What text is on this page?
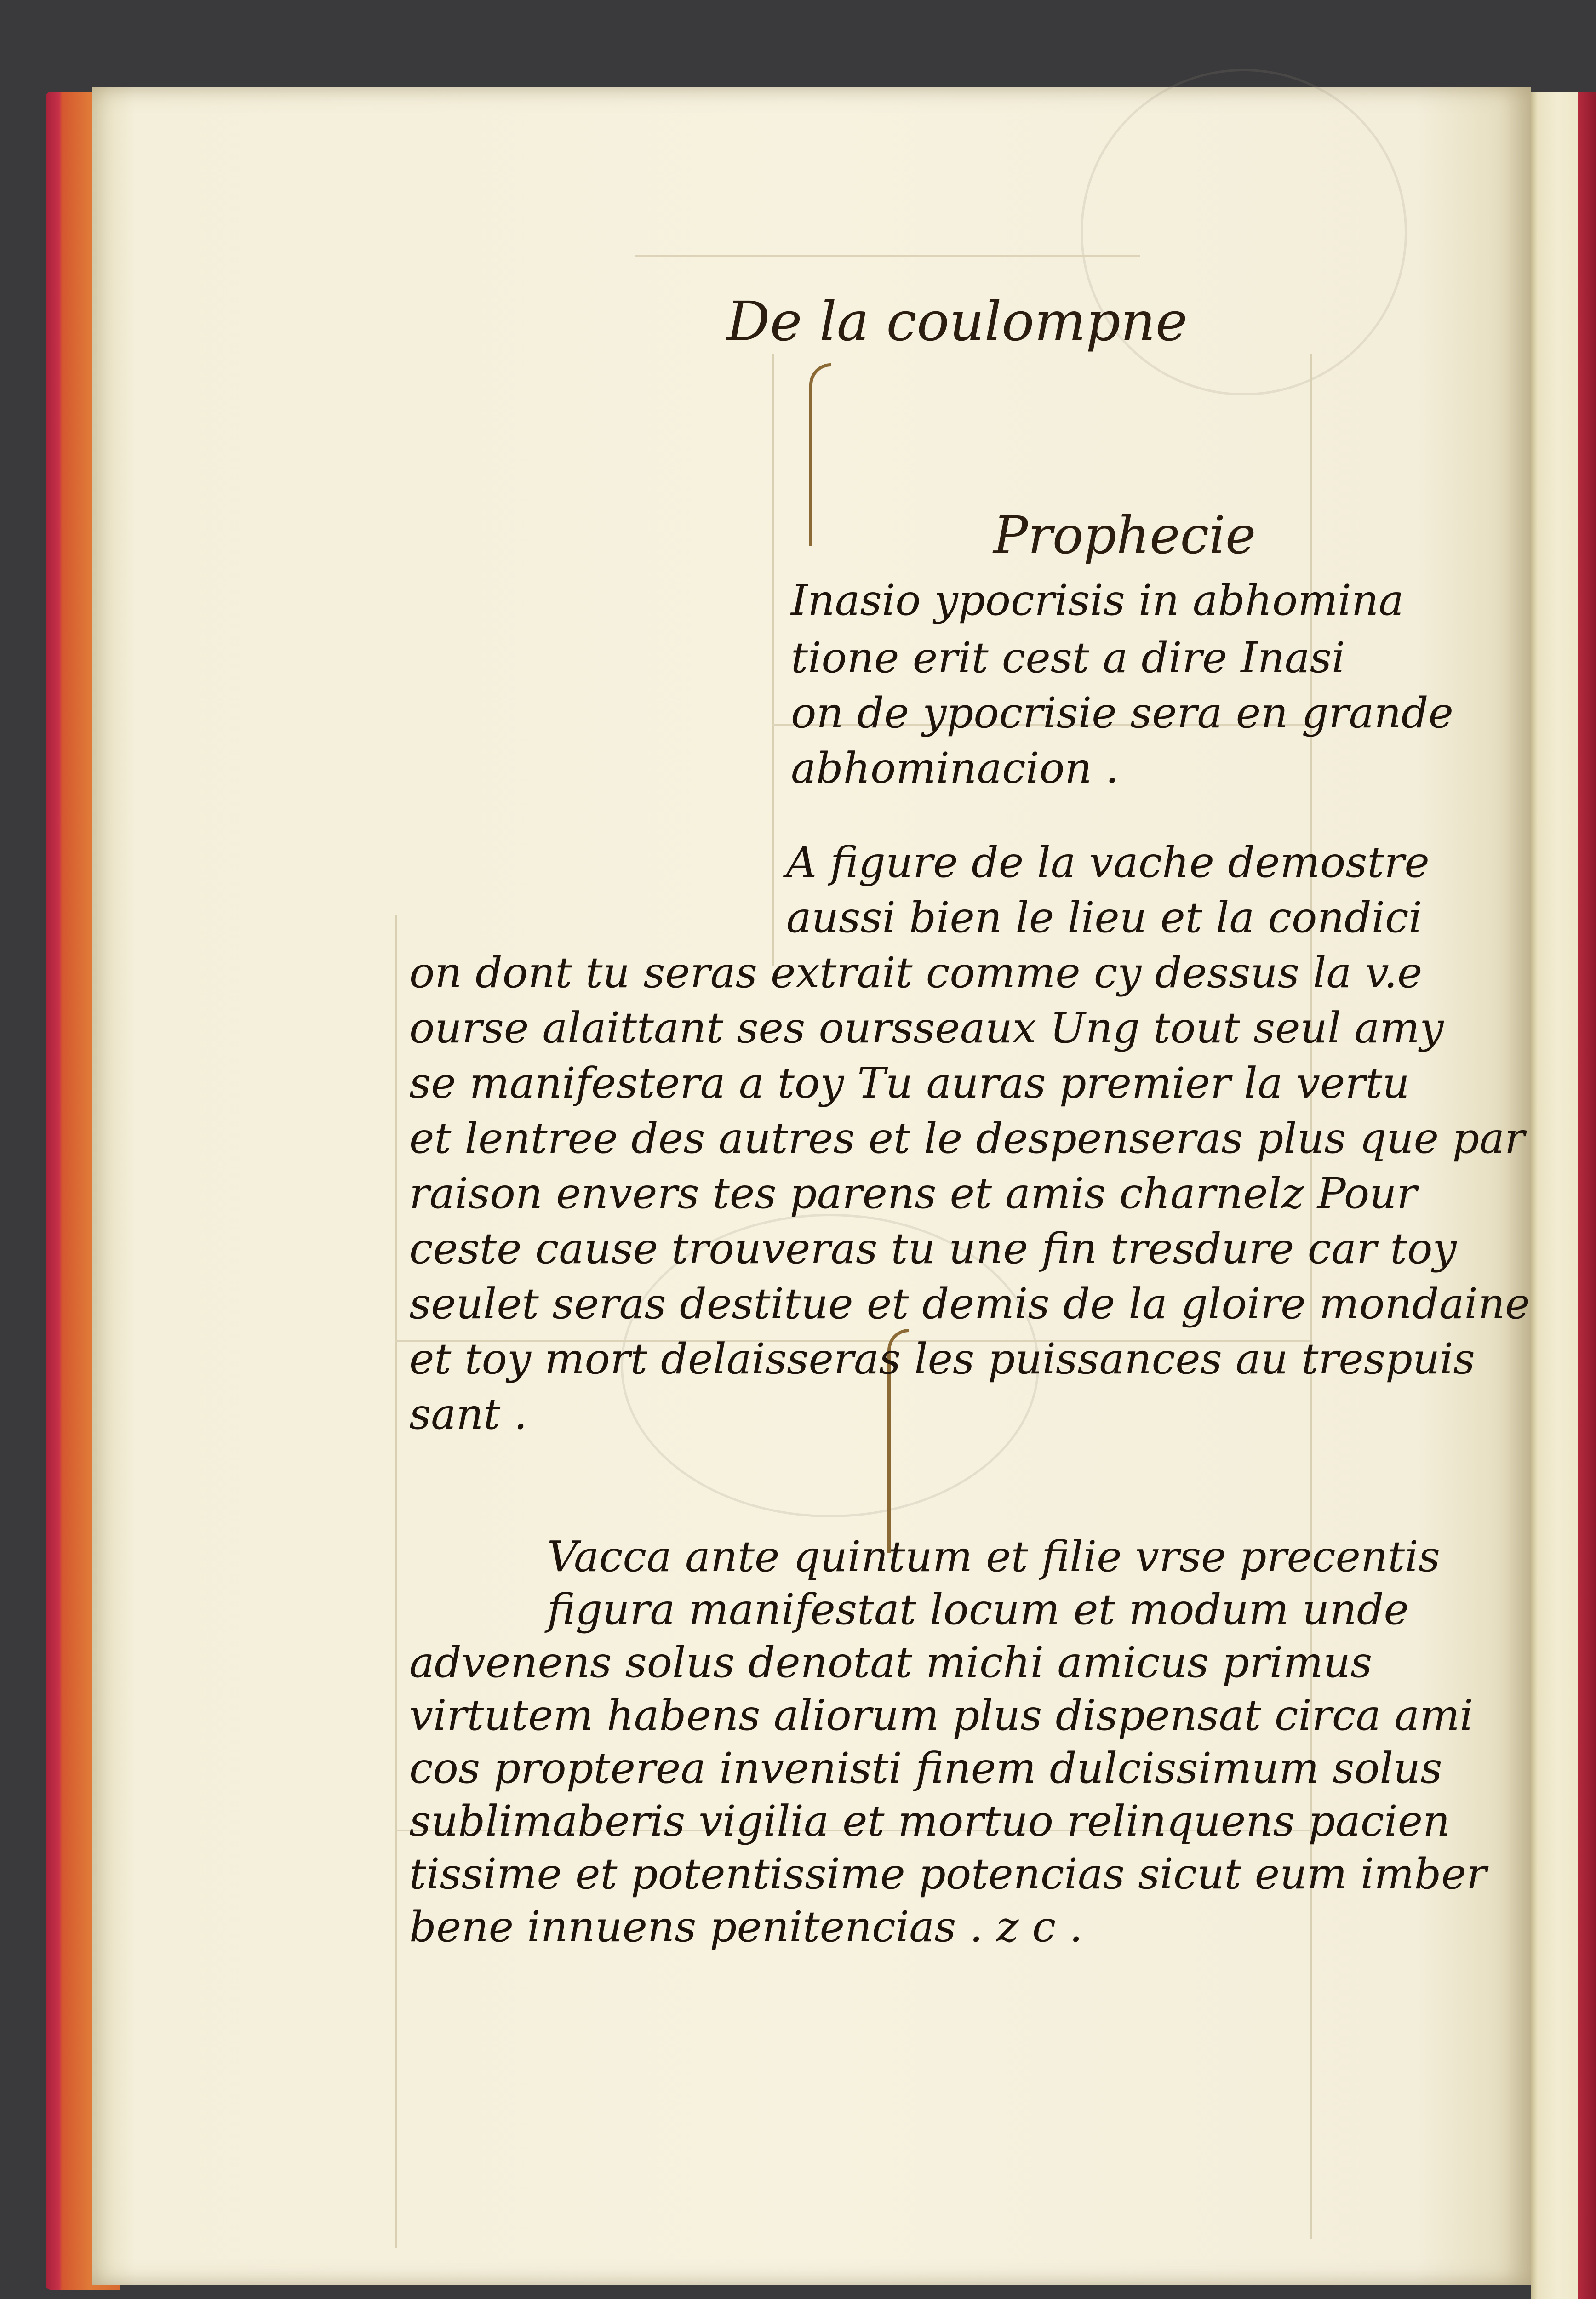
De la coulompne

Prophecie

Inasio ypocrisis in abhomina

tione erit cest a dire Inasi

on de ypocrisie sera en grande

abhominacion .

A figure de la vache demostre

aussi bien le lieu et la condici

on dont tu seras extrait comme cy dessus la v.e

ourse alaittant ses oursseaux Ung tout seul amy

se manifestera a toy Tu auras premier la vertu

et lentree des autres et le despenseras plus que par

raison envers tes parens et amis charnelz Pour

ceste cause trouveras tu une fin tresdure car toy

seulet seras destitue et demis de la gloire mondaine

et toy mort delaisseras les puissances au trespuis

sant .

Vacca ante quintum et filie vrse precentis

figura manifestat locum et modum unde

advenens solus denotat michi amicus primus

virtutem habens aliorum plus dispensat circa ami

cos propterea invenisti finem dulcissimum solus

sublimaberis vigilia et mortuo relinquens pacien

tissime et potentissime potencias sicut eum imber

bene innuens penitencias . z c .
